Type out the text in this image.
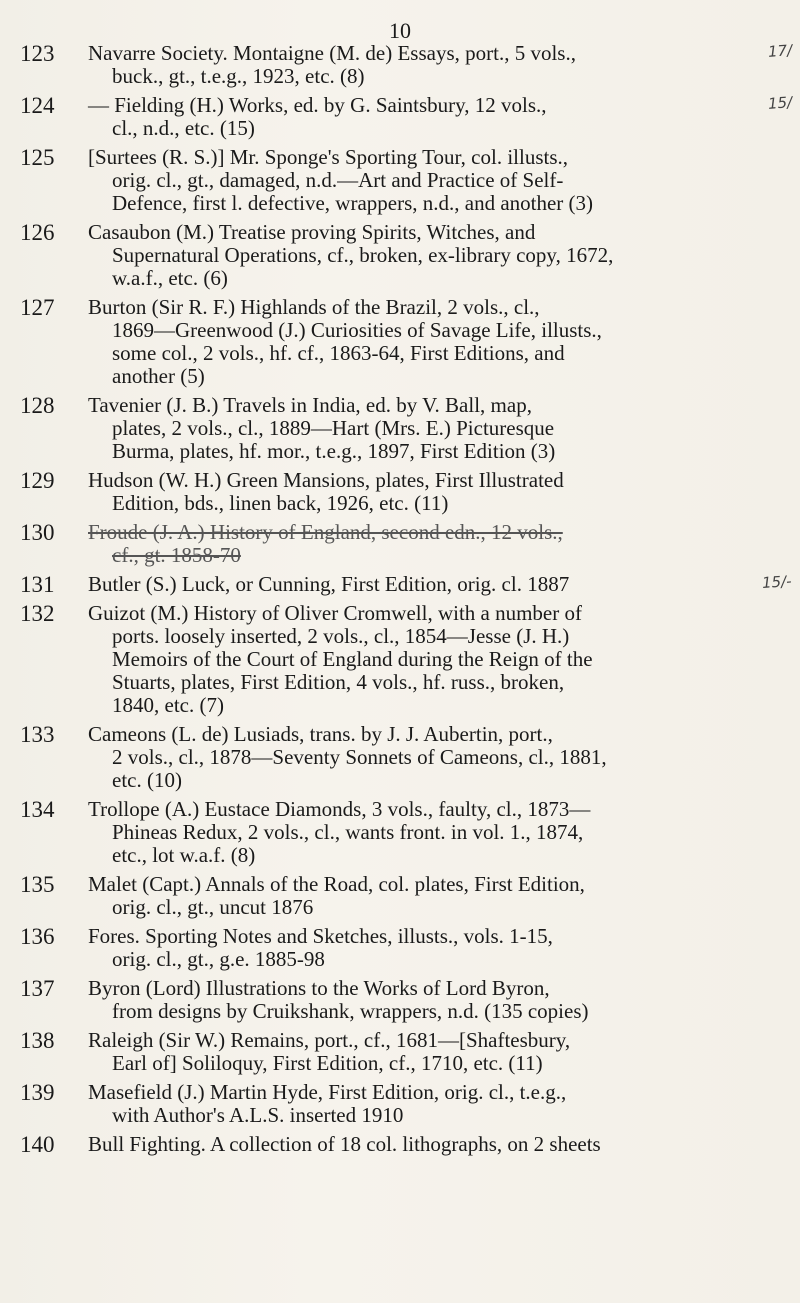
10
123	Navarre Society. Montaigne (M. de) Essays, port., 5 vols.,
buck., gt., t.e.g., 1923, etc. (8)
17/
124	— Fielding (H.) Works, ed. by G. Saintsbury, 12 vols.,
cl., n.d., etc. (15)
15/
125	[Surtees (R. S.)] Mr. Sponge's Sporting Tour, col. illusts.,
orig. cl., gt., damaged, n.d.—Art and Practice of Self-
Defence, first l. defective, wrappers, n.d., and another (3)
126	Casaubon (M.) Treatise proving Spirits, Witches, and
Supernatural Operations, cf., broken, ex-library copy, 1672,
w.a.f., etc. (6)
127	Burton (Sir R. F.) Highlands of the Brazil, 2 vols., cl.,
1869—Greenwood (J.) Curiosities of Savage Life, illusts.,
some col., 2 vols., hf. cf., 1863-64, First Editions, and
another (5)
128	Tavenier (J. B.) Travels in India, ed. by V. Ball, map,
plates, 2 vols., cl., 1889—Hart (Mrs. E.) Picturesque
Burma, plates, hf. mor., t.e.g., 1897, First Edition (3)
129	Hudson (W. H.) Green Mansions, plates, First Illustrated
Edition, bds., linen back, 1926, etc. (11)
130	Froude (J. A.) History of England, second edn., 12 vols.,
cf., gt. 1858-70
131	Butler (S.) Luck, or Cunning, First Edition, orig. cl. 1887	15/-
132	Guizot (M.) History of Oliver Cromwell, with a number of
ports. loosely inserted, 2 vols., cl., 1854—Jesse (J. H.)
Memoirs of the Court of England during the Reign of the
Stuarts, plates, First Edition, 4 vols., hf. russ., broken,
1840, etc. (7)
133	Cameons (L. de) Lusiads, trans. by J. J. Aubertin, port.,
2 vols., cl., 1878—Seventy Sonnets of Cameons, cl., 1881,
etc. (10)
134	Trollope (A.) Eustace Diamonds, 3 vols., faulty, cl., 1873—
Phineas Redux, 2 vols., cl., wants front. in vol. 1., 1874,
etc., lot w.a.f. (8)
135	Malet (Capt.) Annals of the Road, col. plates, First Edition,
orig. cl., gt., uncut 1876
136	Fores. Sporting Notes and Sketches, illusts., vols. 1-15,
orig. cl., gt., g.e. 1885-98
137	Byron (Lord) Illustrations to the Works of Lord Byron,
from designs by Cruikshank, wrappers, n.d. (135 copies)
138	Raleigh (Sir W.) Remains, port., cf., 1681—[Shaftesbury,
Earl of] Soliloquy, First Edition, cf., 1710, etc. (11)
139	Masefield (J.) Martin Hyde, First Edition, orig. cl., t.e.g.,
with Author's A.L.S. inserted 1910
140	Bull Fighting. A collection of 18 col. lithographs, on 2 sheets
